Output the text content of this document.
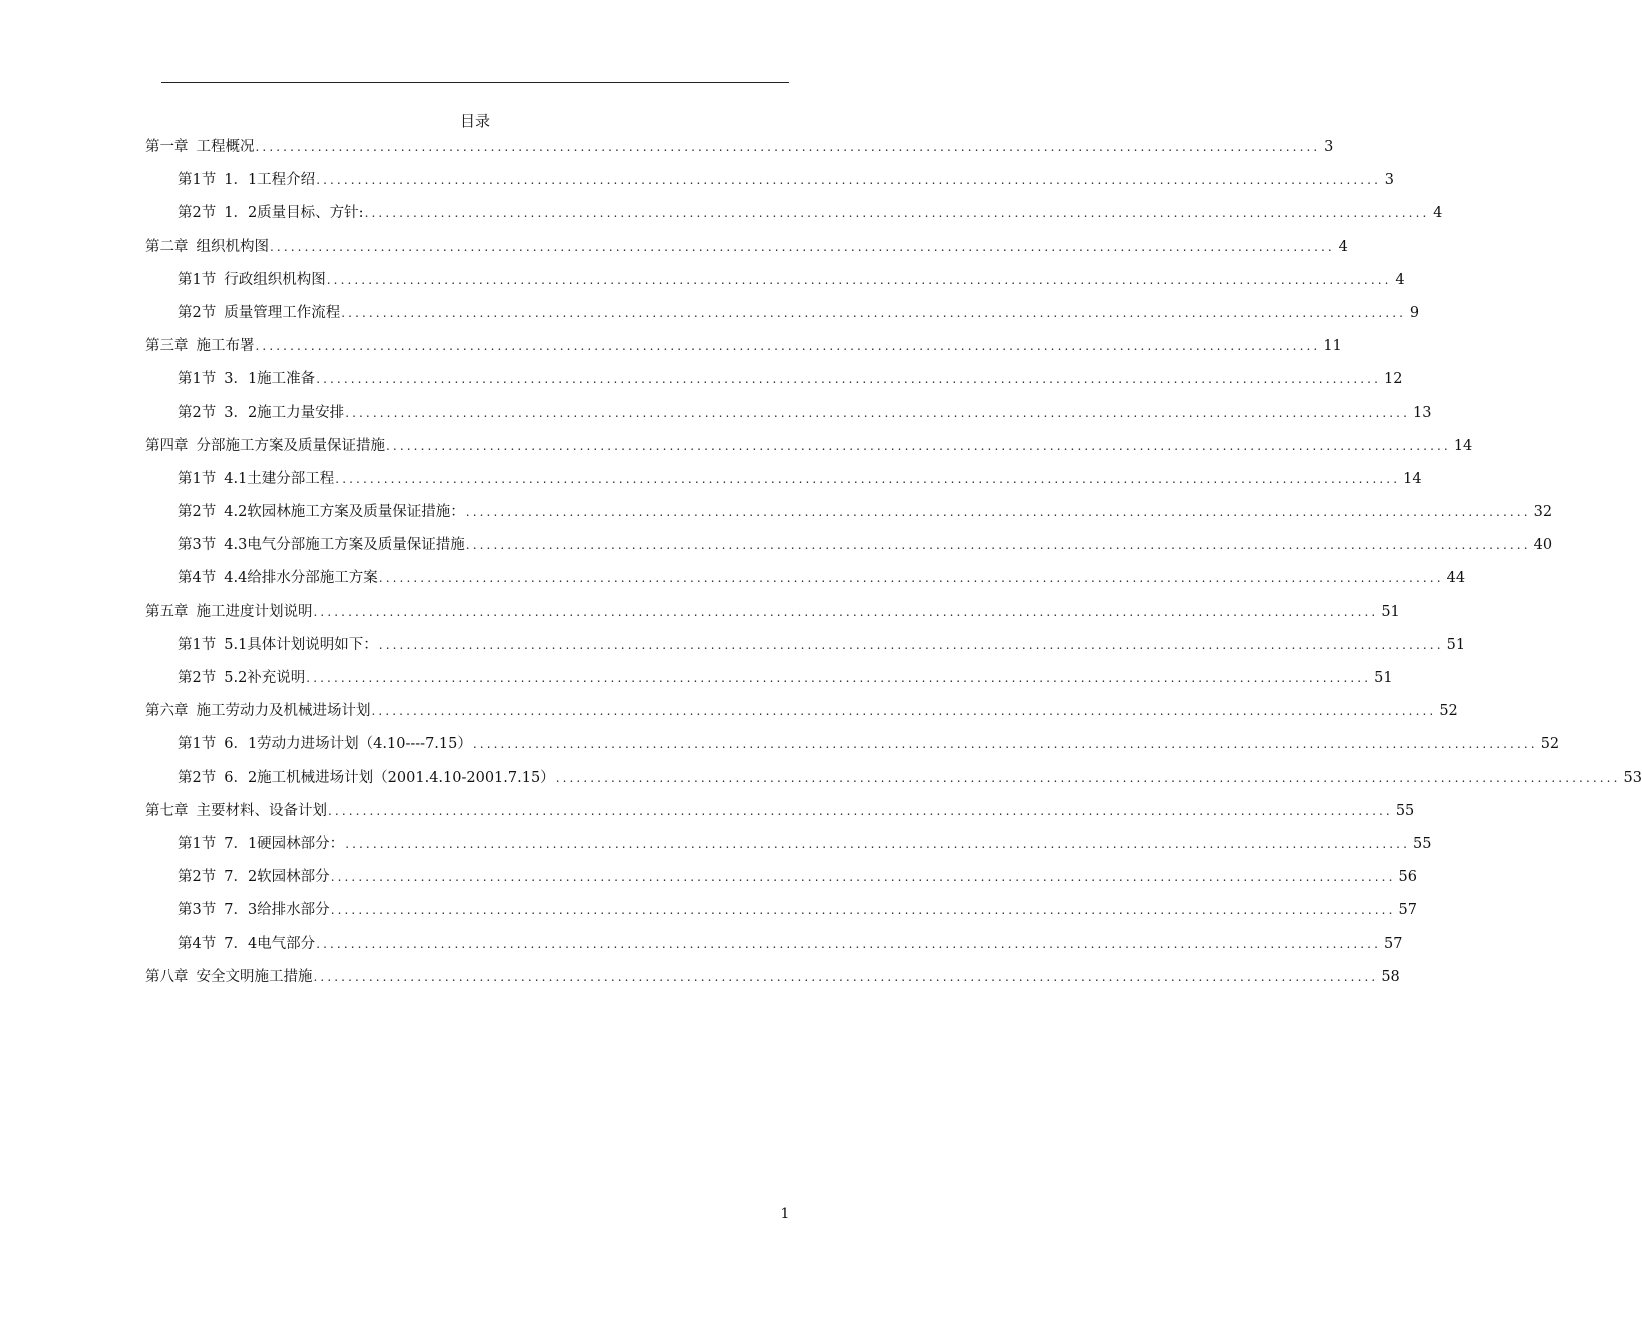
目录
第一章 工程概况 .......................................................................................................................................................... 3
第1节 1．1工程介绍 .......................................................................................................................................................... 3
第2节 1．2质量目标、方针: .......................................................................................................................................................... 4
第二章 组织机构图 .......................................................................................................................................................... 4
第1节 行政组织机构图 .......................................................................................................................................................... 4
第2节 质量管理工作流程 .......................................................................................................................................................... 9
第三章 施工布署 .......................................................................................................................................................... 11
第1节 3．1施工准备 .......................................................................................................................................................... 12
第2节 3．2施工力量安排 .......................................................................................................................................................... 13
第四章 分部施工方案及质量保证措施 .......................................................................................................................................................... 14
第1节 4.1土建分部工程 .......................................................................................................................................................... 14
第2节 4.2软园林施工方案及质量保证措施： .......................................................................................................................................................... 32
第3节 4.3电气分部施工方案及质量保证措施 .......................................................................................................................................................... 40
第4节 4.4给排水分部施工方案 .......................................................................................................................................................... 44
第五章 施工进度计划说明 .......................................................................................................................................................... 51
第1节 5.1具体计划说明如下： .......................................................................................................................................................... 51
第2节 5.2补充说明 .......................................................................................................................................................... 51
第六章 施工劳动力及机械进场计划 .......................................................................................................................................................... 52
第1节 6．1劳动力进场计划（4.10----7.15） .......................................................................................................................................................... 52
第2节 6．2施工机械进场计划（2001.4.10-2001.7.15） .......................................................................................................................................................... 53
第七章 主要材料、设备计划 .......................................................................................................................................................... 55
第1节 7．1硬园林部分： .......................................................................................................................................................... 55
第2节 7．2软园林部分 .......................................................................................................................................................... 56
第3节 7．3给排水部分 .......................................................................................................................................................... 57
第4节 7．4电气部分 .......................................................................................................................................................... 57
第八章 安全文明施工措施 .......................................................................................................................................................... 58
1
